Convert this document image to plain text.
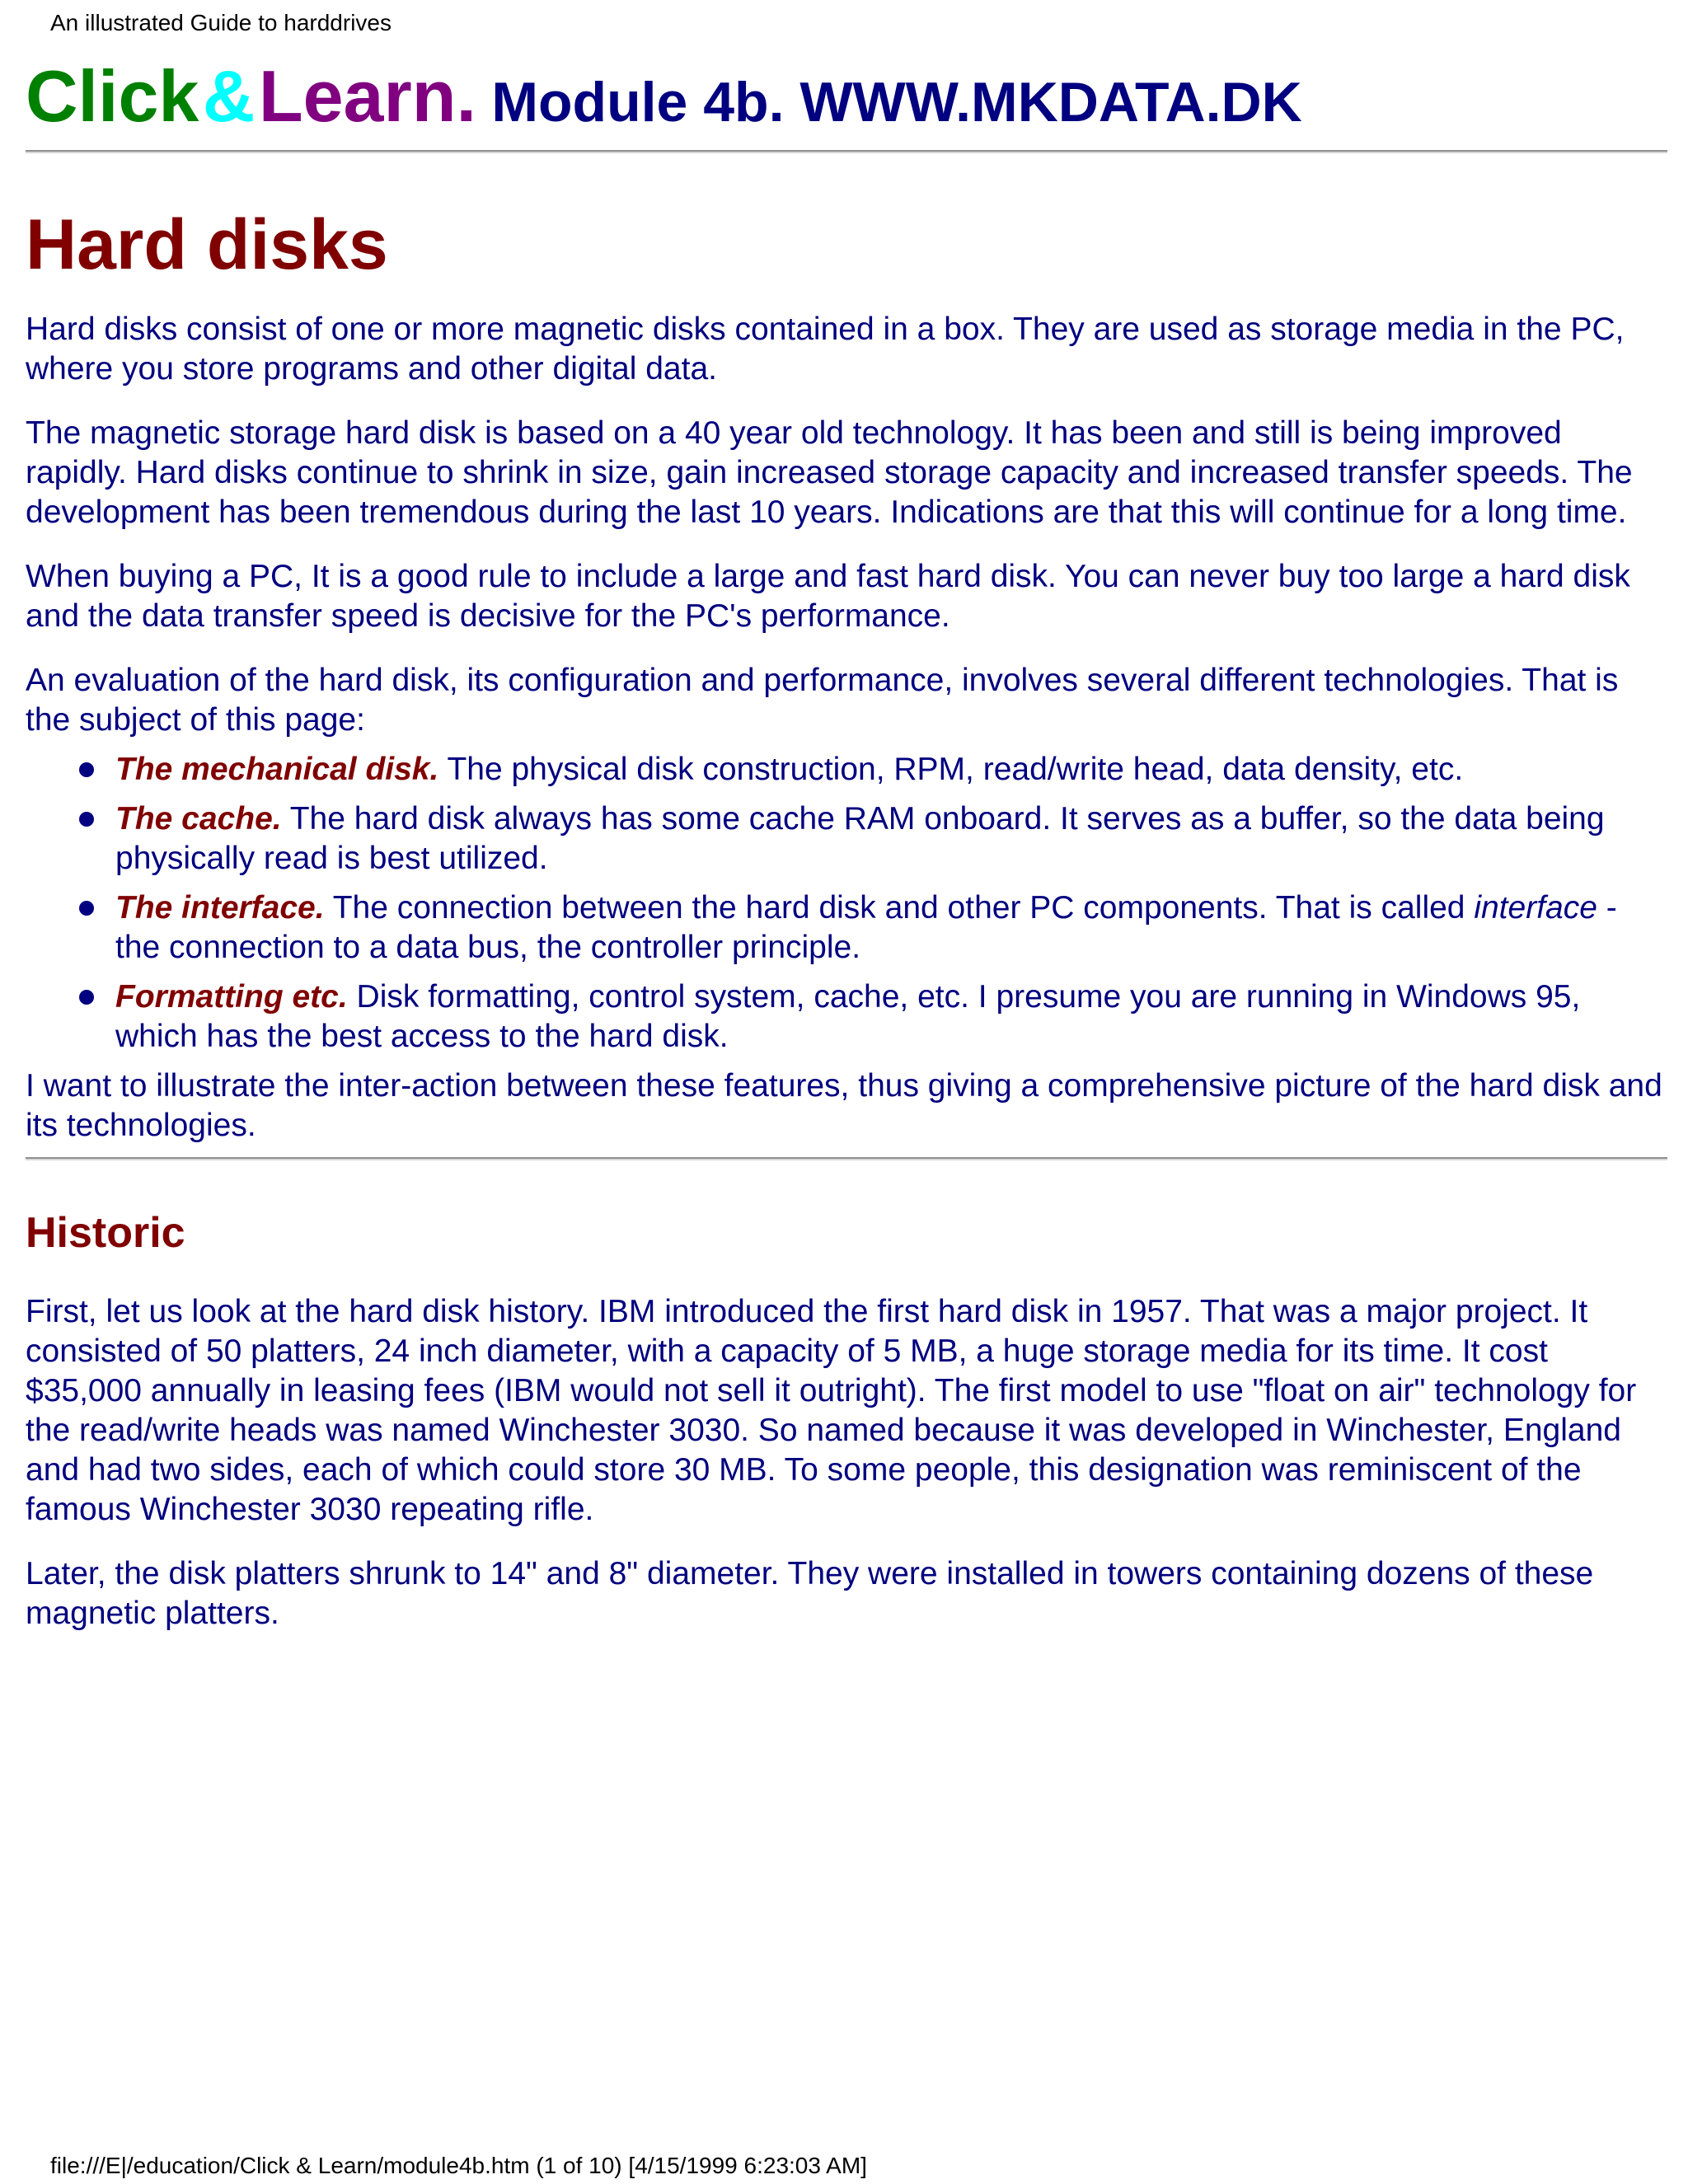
An illustrated Guide to harddrives
Click & Learn. Module 4b. WWW.MKDATA.DK
Hard disks

Hard disks consist of one or more magnetic disks contained in a box. They are used as storage media in the PC, where you store programs and other digital data.

The magnetic storage hard disk is based on a 40 year old technology. It has been and still is being improved rapidly. Hard disks continue to shrink in size, gain increased storage capacity and increased transfer speeds. The development has been tremendous during the last 10 years. Indications are that this will continue for a long time.

When buying a PC, It is a good rule to include a large and fast hard disk. You can never buy too large a hard disk and the data transfer speed is decisive for the PC's performance.

An evaluation of the hard disk, its configuration and performance, involves several different technologies. That is the subject of this page:

The mechanical disk. The physical disk construction, RPM, read/write head, data density, etc.
The cache. The hard disk always has some cache RAM onboard. It serves as a buffer, so the data being physically read is best utilized.
The interface. The connection between the hard disk and other PC components. That is called interface - the connection to a data bus, the controller principle.
Formatting etc. Disk formatting, control system, cache, etc. I presume you are running in Windows 95, which has the best access to the hard disk.

I want to illustrate the inter-action between these features, thus giving a comprehensive picture of the hard disk and its technologies.

Historic

First, let us look at the hard disk history. IBM introduced the first hard disk in 1957. That was a major project. It consisted of 50 platters, 24 inch diameter, with a capacity of 5 MB, a huge storage media for its time. It cost $35,000 annually in leasing fees (IBM would not sell it outright). The first model to use "float on air" technology for the read/write heads was named Winchester 3030. So named because it was developed in Winchester, England and had two sides, each of which could store 30 MB. To some people, this designation was reminiscent of the famous Winchester 3030 repeating rifle.

Later, the disk platters shrunk to 14" and 8" diameter. They were installed in towers containing dozens of these magnetic platters.

file:///E|/education/Click & Learn/module4b.htm (1 of 10) [4/15/1999 6:23:03 AM]
